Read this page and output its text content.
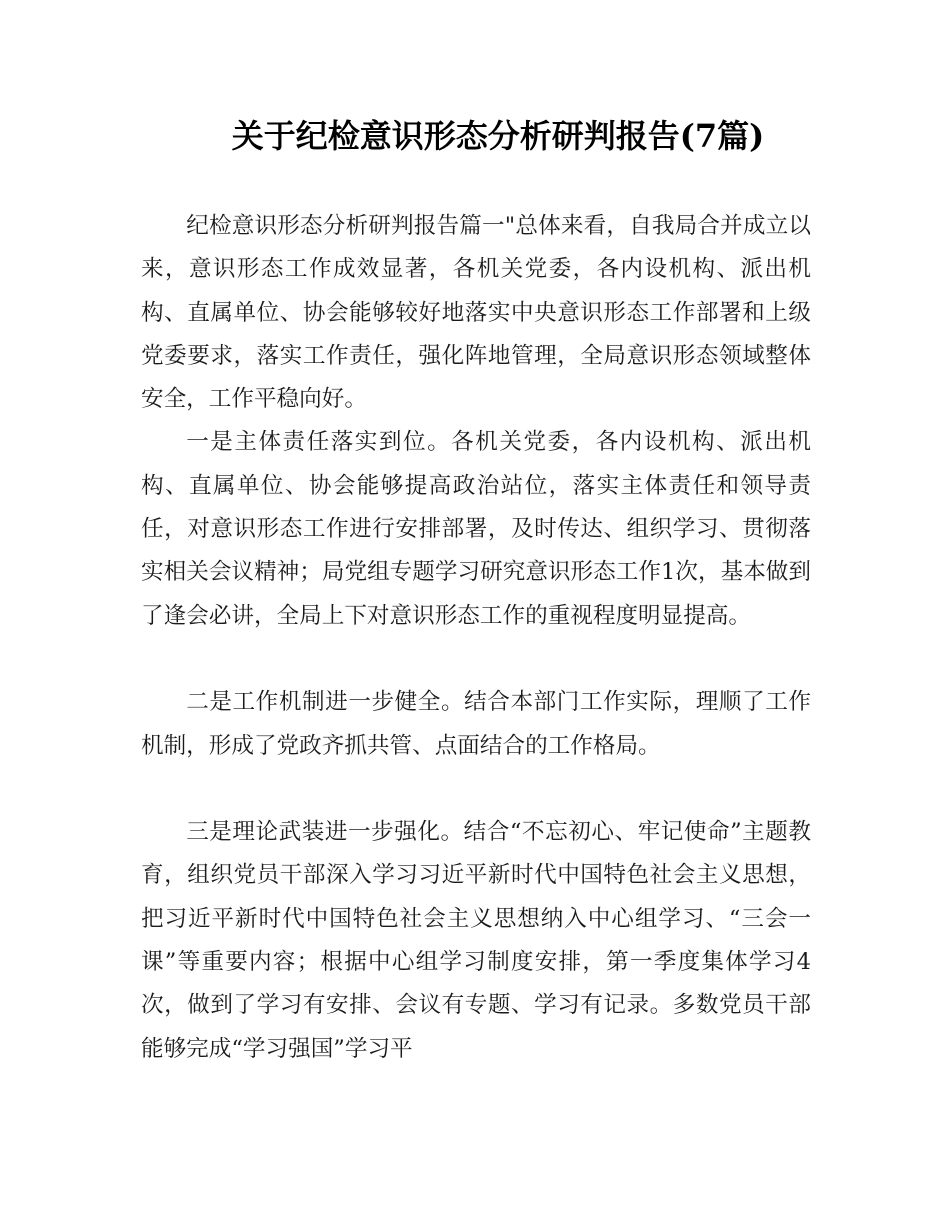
关于纪检意识形态分析研判报告(7篇)

纪检意识形态分析研判报告篇一"总体来看，自我局合并成立以来，意识形态工作成效显著，各机关党委，各内设机构、派出机构、直属单位、协会能够较好地落实中央意识形态工作部署和上级党委要求，落实工作责任，强化阵地管理，全局意识形态领域整体安全，工作平稳向好。

一是主体责任落实到位。各机关党委，各内设机构、派出机构、直属单位、协会能够提高政治站位，落实主体责任和领导责任，对意识形态工作进行安排部署，及时传达、组织学习、贯彻落实相关会议精神；局党组专题学习研究意识形态工作1次，基本做到了逢会必讲，全局上下对意识形态工作的重视程度明显提高。

二是工作机制进一步健全。结合本部门工作实际，理顺了工作机制，形成了党政齐抓共管、点面结合的工作格局。

三是理论武装进一步强化。结合“不忘初心、牢记使命”主题教育，组织党员干部深入学习习近平新时代中国特色社会主义思想，把习近平新时代中国特色社会主义思想纳入中心组学习、“三会一课”等重要内容；根据中心组学习制度安排，第一季度集体学习4次，做到了学习有安排、会议有专题、学习有记录。多数党员干部能够完成“学习强国”学习平
